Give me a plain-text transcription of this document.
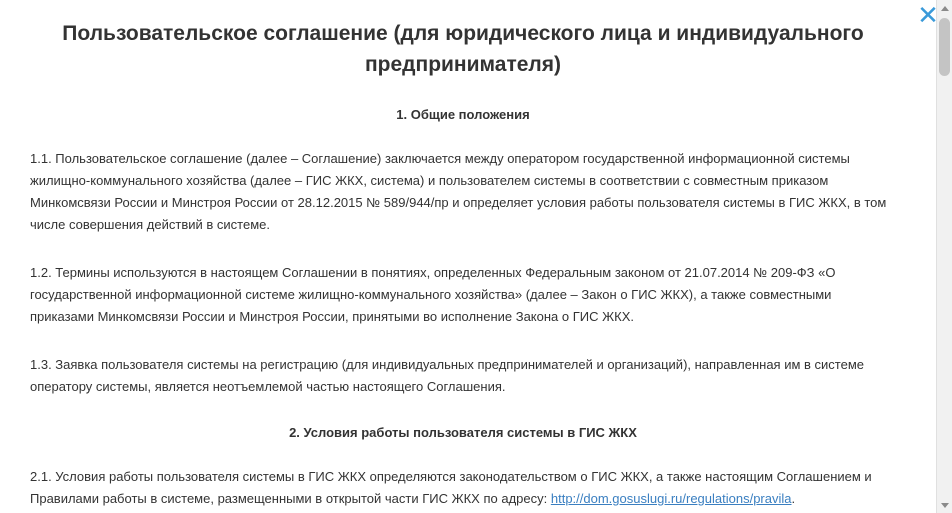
✕
Пользовательское соглашение (для юридического лица и индивидуального предпринимателя)
1. Общие положения

1.1. Пользовательское соглашение (далее – Соглашение) заключается между оператором государственной информационной системы жилищно-коммунального хозяйства (далее – ГИС ЖКХ, система) и пользователем системы в соответствии с совместным приказом Минкомсвязи России и Минстроя России от 28.12.2015 № 589/944/пр и определяет условия работы пользователя системы в ГИС ЖКХ, в том числе совершения действий в системе.

1.2. Термины используются в настоящем Соглашении в понятиях, определенных Федеральным законом от 21.07.2014 № 209-ФЗ «О государственной информационной системе жилищно-коммунального хозяйства» (далее – Закон о ГИС ЖКХ), а также совместными приказами Минкомсвязи России и Минстроя России, принятыми во исполнение Закона о ГИС ЖКХ.

1.3. Заявка пользователя системы на регистрацию (для индивидуальных предпринимателей и организаций), направленная им в системе оператору системы, является неотъемлемой частью настоящего Соглашения.

2. Условия работы пользователя системы в ГИС ЖКХ

2.1. Условия работы пользователя системы в ГИС ЖКХ определяются законодательством о ГИС ЖКХ, а также настоящим Соглашением и Правилами работы в системе, размещенными в открытой части ГИС ЖКХ по адресу: http://dom.gosuslugi.ru/regulations/pravila.
